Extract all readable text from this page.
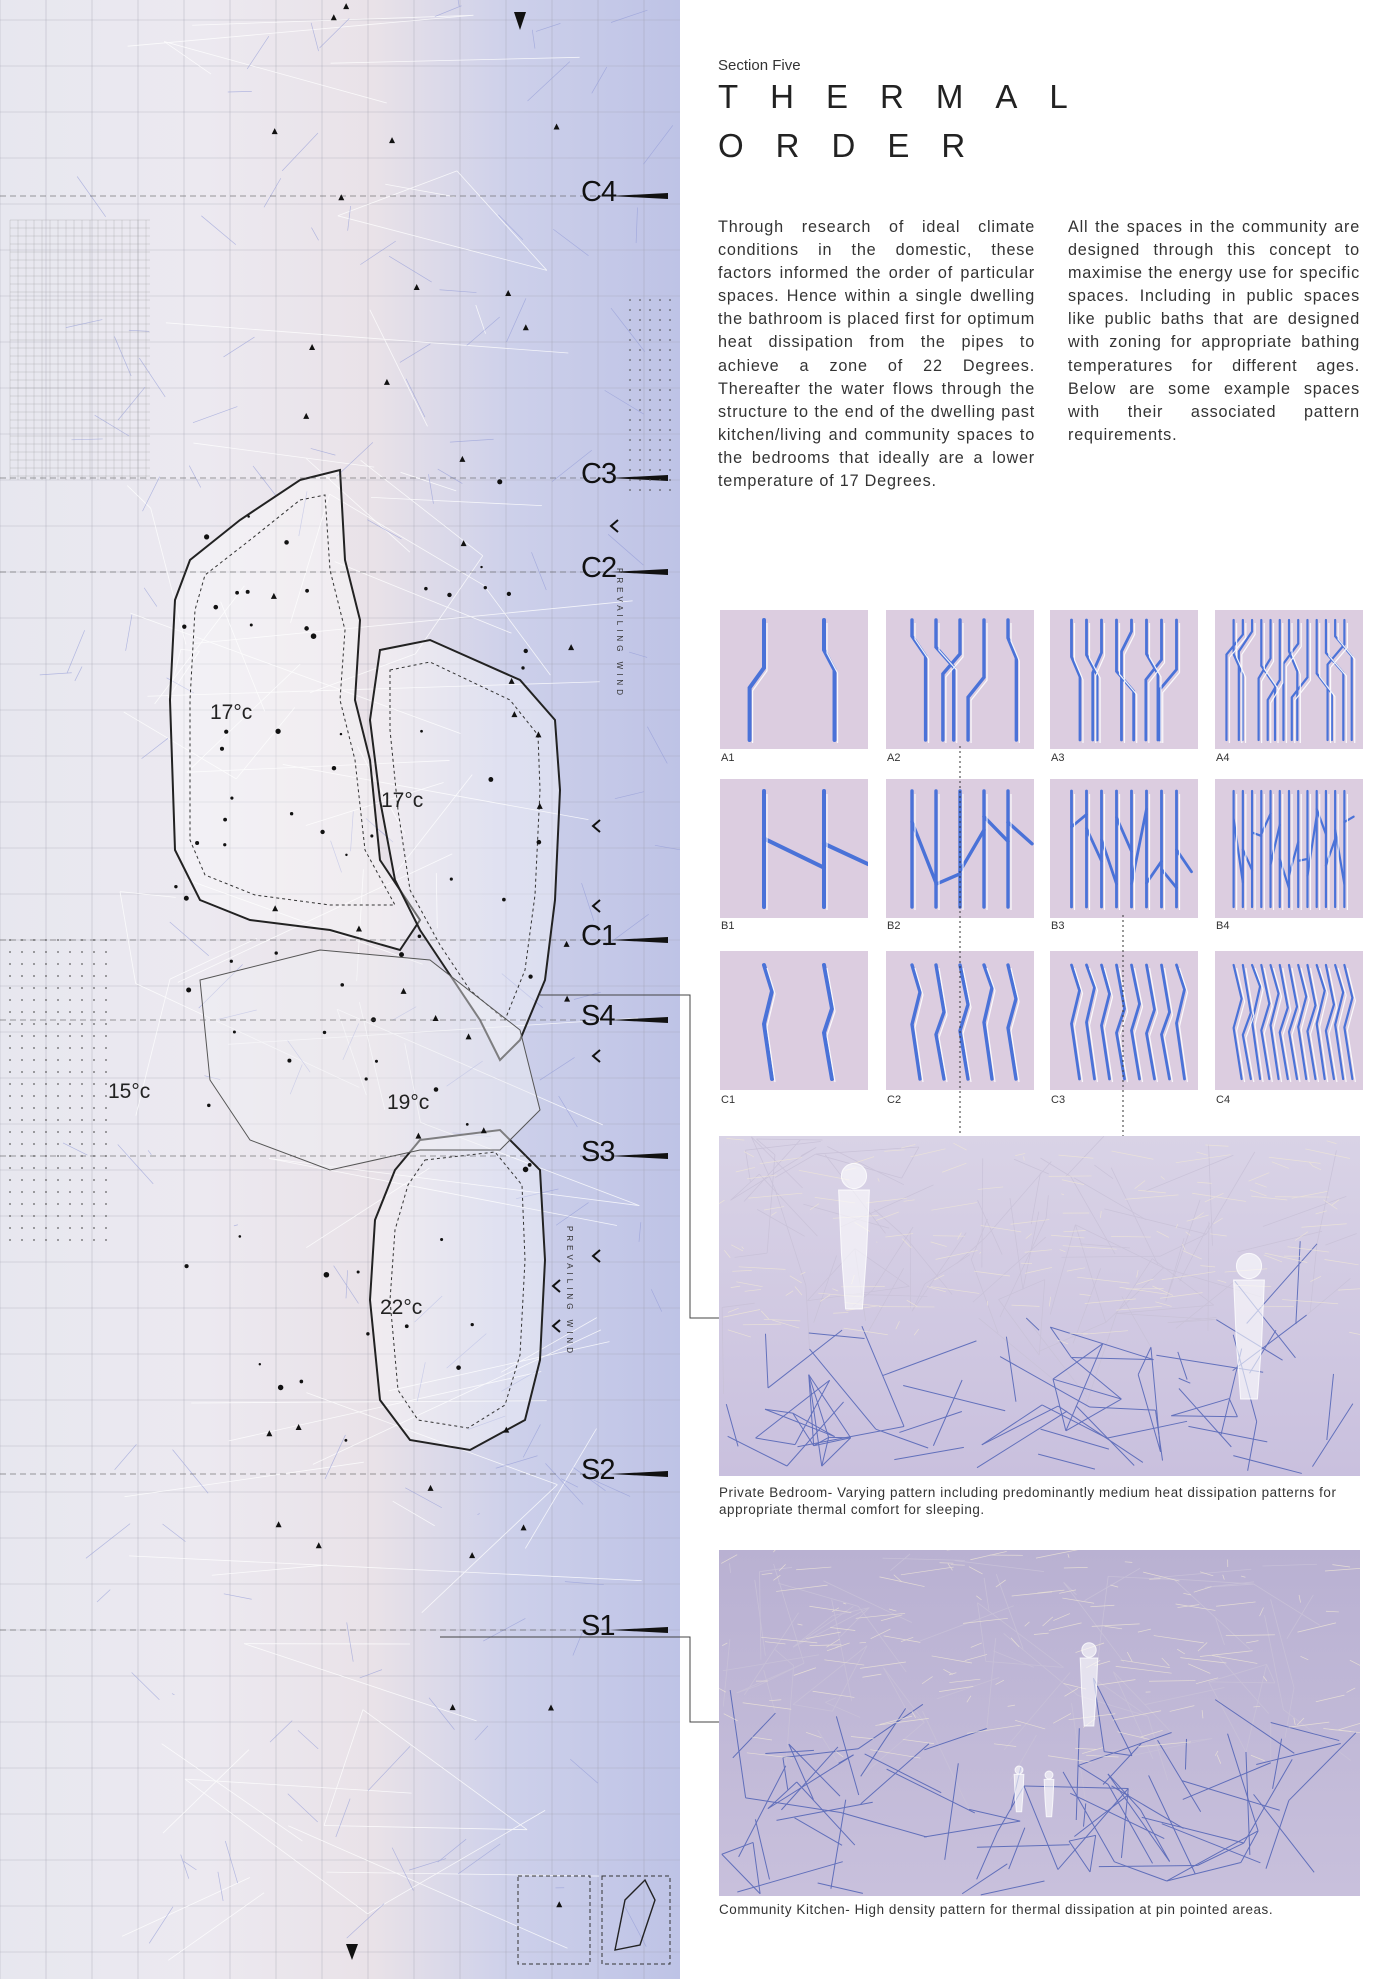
C4
C3
C2
C1
S4
S3
S2
S1
17°c
17°c
15°c	19°c
22°c
PREVAILING WIND
PREVAILING WIND
Section Five
THERMAL
ORDER

Through research of ideal climate conditions in the domestic, these factors informed the order of particular spaces. Hence within a single dwelling the bathroom is placed first for optimum heat dissipation from the pipes to achieve a zone of 22 Degrees. Thereafter the water flows through the structure to the end of the dwelling past kitchen/living and community spaces to the bedrooms that ideally are a lower temperature of 17 Degrees.

All the spaces in the community are designed through this concept to maximise the energy use for specific spaces. Including in public spaces like public baths that are designed with zoning for appropriate bathing temperatures for different ages. Below are some example spaces with their associated pattern requirements.

A1	A2	A3	A4
B1	B2	B3	B4
C1	C2	C3	C4
Private Bedroom- Varying pattern including predominantly medium heat dissipation patterns for appropriate thermal comfort for sleeping.
Community Kitchen- High density pattern for thermal dissipation at pin pointed areas.
